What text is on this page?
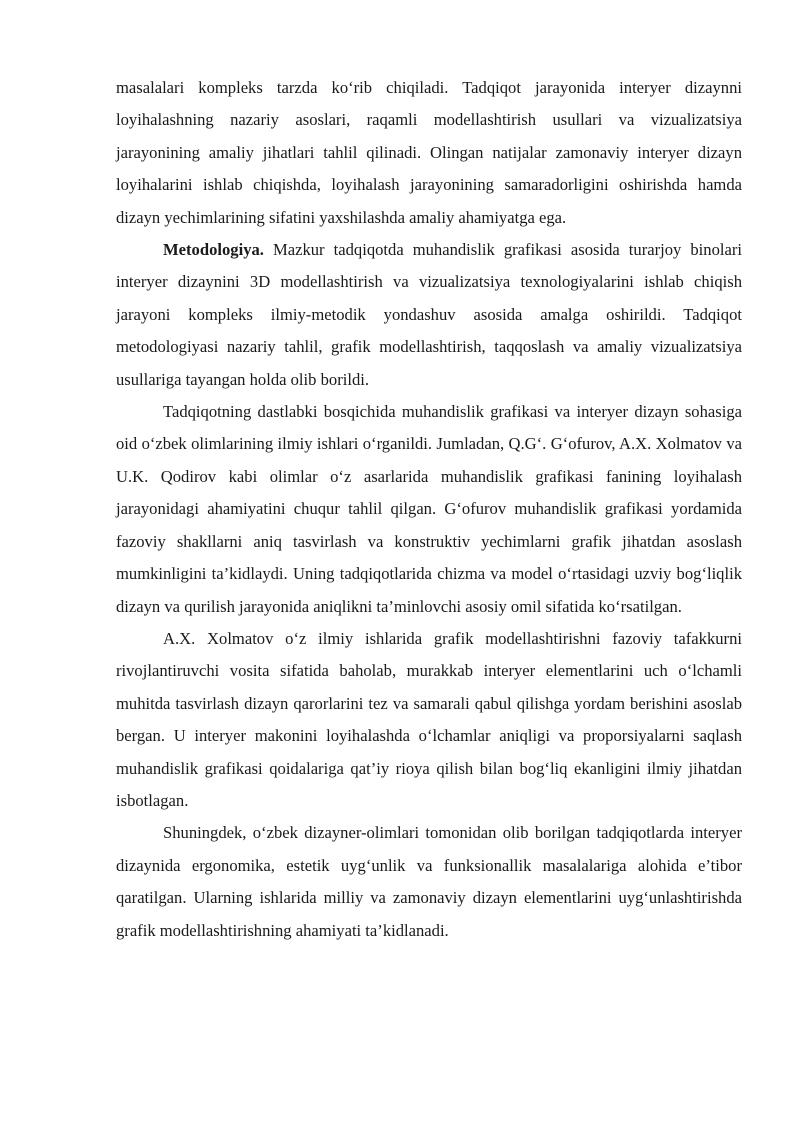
masalalari kompleks tarzda ko‘rib chiqiladi. Tadqiqot jarayonida interyer dizaynni loyihalashning nazariy asoslari, raqamli modellashtirish usullari va vizualizatsiya jarayonining amaliy jihatlari tahlil qilinadi. Olingan natijalar zamonaviy interyer dizayn loyihalarini ishlab chiqishda, loyihalash jarayonining samaradorligini oshirishda hamda dizayn yechimlarining sifatini yaxshilashda amaliy ahamiyatga ega.

Metodologiya. Mazkur tadqiqotda muhandislik grafikasi asosida turarjoy binolari interyer dizaynini 3D modellashtirish va vizualizatsiya texnologiyalarini ishlab chiqish jarayoni kompleks ilmiy-metodik yondashuv asosida amalga oshirildi. Tadqiqot metodologiyasi nazariy tahlil, grafik modellashtirish, taqqoslash va amaliy vizualizatsiya usullariga tayangan holda olib borildi.

Tadqiqotning dastlabki bosqichida muhandislik grafikasi va interyer dizayn sohasiga oid o‘zbek olimlarining ilmiy ishlari o‘rganildi. Jumladan, Q.G‘. G‘ofurov, A.X. Xolmatov va U.K. Qodirov kabi olimlar o‘z asarlarida muhandislik grafikasi fanining loyihalash jarayonidagi ahamiyatini chuqur tahlil qilgan. G‘ofurov muhandislik grafikasi yordamida fazoviy shakllarni aniq tasvirlash va konstruktiv yechimlarni grafik jihatdan asoslash mumkinligini ta’kidlaydi. Uning tadqiqotlarida chizma va model o‘rtasidagi uzviy bog‘liqlik dizayn va qurilish jarayonida aniqlikni ta’minlovchi asosiy omil sifatida ko‘rsatilgan.

A.X. Xolmatov o‘z ilmiy ishlarida grafik modellashtirishni fazoviy tafakkurni rivojlantiruvchi vosita sifatida baholab, murakkab interyer elementlarini uch o‘lchamli muhitda tasvirlash dizayn qarorlarini tez va samarali qabul qilishga yordam berishini asoslab bergan. U interyer makonini loyihalashda o‘lchamlar aniqligi va proporsiyalarni saqlash muhandislik grafikasi qoidalariga qat’iy rioya qilish bilan bog‘liq ekanligini ilmiy jihatdan isbotlagan.

Shuningdek, o‘zbek dizayner-olimlari tomonidan olib borilgan tadqiqotlarda interyer dizaynida ergonomika, estetik uyg‘unlik va funksionallik masalalariga alohida e’tibor qaratilgan. Ularning ishlarida milliy va zamonaviy dizayn elementlarini uyg‘unlashtirishda grafik modellashtirishning ahamiyati ta’kidlanadi.
